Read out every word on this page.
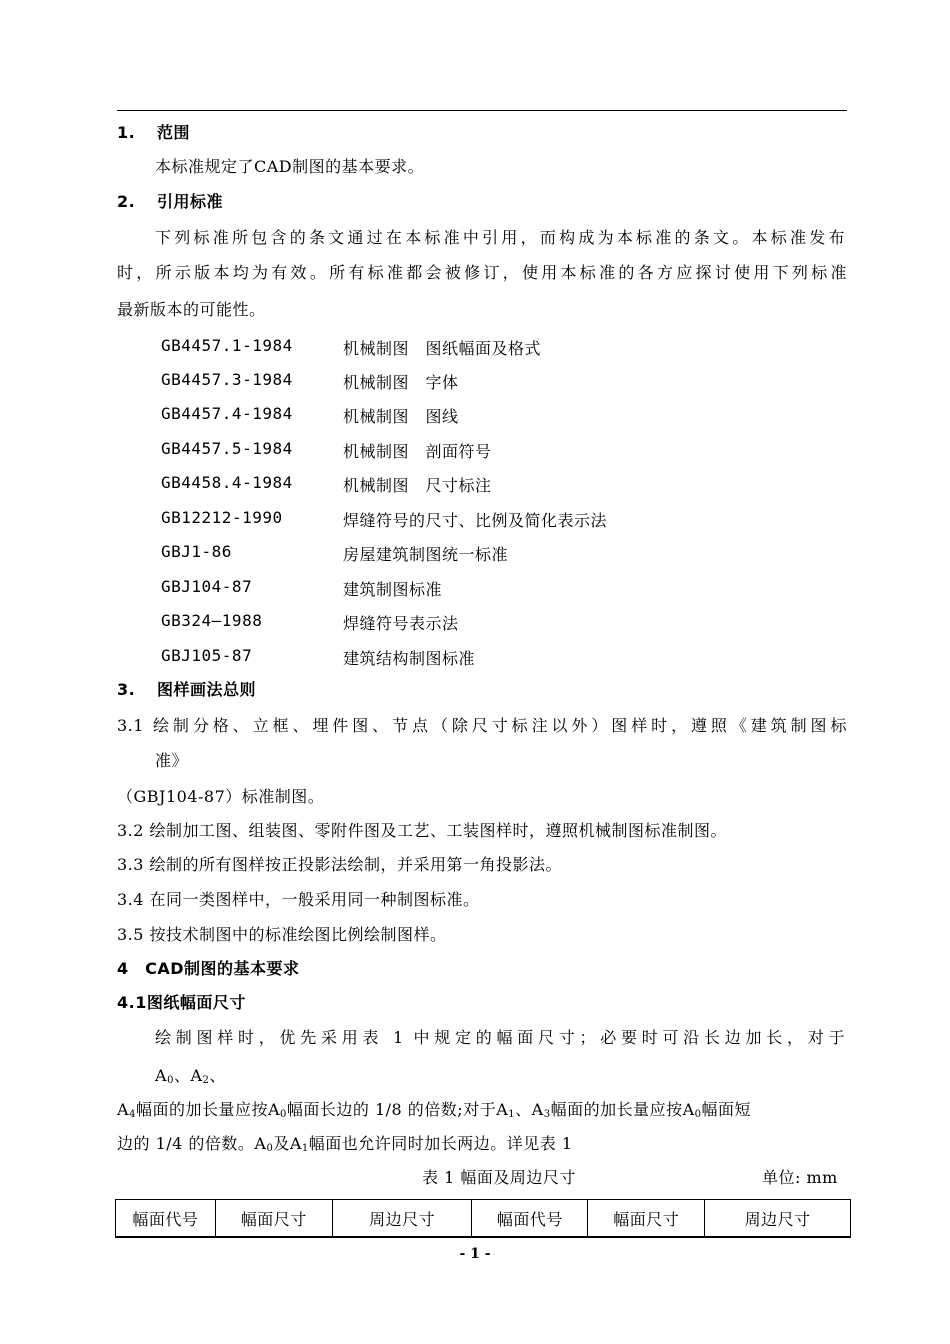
1. 范围
本标准规定了CAD制图的基本要求。
2. 引用标准
下列标准所包含的条文通过在本标准中引用，而构成为本标准的条文。本标准发布
时，所示版本均为有效。所有标准都会被修订，使用本标准的各方应探讨使用下列标准
最新版本的可能性。
GB4457.1-1984	机械制图　图纸幅面及格式
GB4457.3-1984	机械制图　字体
GB4457.4-1984	机械制图　图线
GB4457.5-1984	机械制图　剖面符号
GB4458.4-1984	机械制图　尺寸标注
GB12212-1990	焊缝符号的尺寸、比例及简化表示法
GBJ1-86	房屋建筑制图统一标准
GBJ104-87	建筑制图标准
GB324—1988	焊缝符号表示法
GBJ105-87	建筑结构制图标准
3. 图样画法总则
3.1 绘制分格、立框、埋件图、节点（除尺寸标注以外）图样时，遵照《建筑制图标
准》
（GBJ104-87）标准制图。
3.2 绘制加工图、组装图、零附件图及工艺、工装图样时，遵照机械制图标准制图。
3.3 绘制的所有图样按正投影法绘制，并采用第一角投影法。
3.4 在同一类图样中，一般采用同一种制图标准。
3.5 按技术制图中的标准绘图比例绘制图样。
4　CAD制图的基本要求
4.1图纸幅面尺寸
绘制图样时，优先采用表 1 中规定的幅面尺寸；必要时可沿长边加长，对于
$A_0$、$A_2$、
$A_4$幅面的加长量应按$A_0$幅面长边的 1/8 的倍数;对于$A_1$、$A_3$幅面的加长量应按$A_0$幅面短
边的 1/4 的倍数。$A_0$及$A_1$幅面也允许同时加长两边。详见表 1
表 1 幅面及周边尺寸	单位: mm
幅面代号	幅面尺寸	周边尺寸	幅面代号	幅面尺寸	周边尺寸
- 1 -
